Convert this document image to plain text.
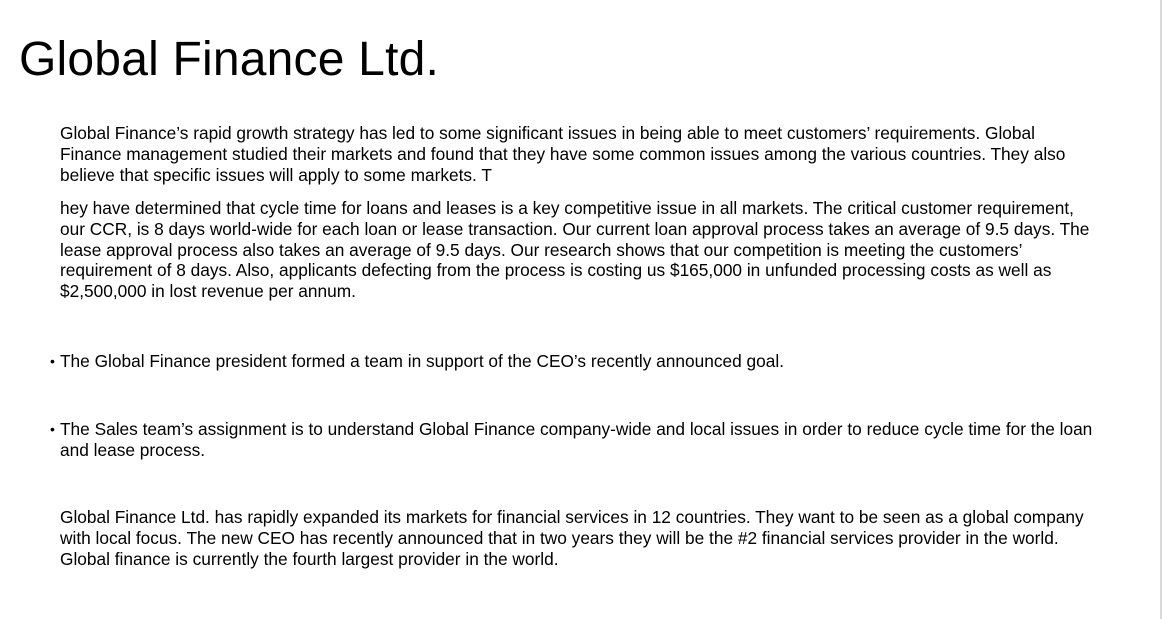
Global Finance Ltd.

Global Finance’s rapid growth strategy has led to some significant issues in being able to meet customers’ requirements. Global Finance management studied their markets and found that they have some common issues among the various countries. They also believe that specific issues will apply to some markets. T

hey have determined that cycle time for loans and leases is a key competitive issue in all markets. The critical customer requirement, our CCR, is 8 days world-wide for each loan or lease transaction. Our current loan approval process takes an average of 9.5 days. The lease approval process also takes an average of 9.5 days. Our research shows that our competition is meeting the customers’ requirement of 8 days. Also, applicants defecting from the process is costing us $165,000 in unfunded processing costs as well as $2,500,000 in lost revenue per annum.

• The Global Finance president formed a team in support of the CEO’s recently announced goal.
• The Sales team’s assignment is to understand Global Finance company-wide and local issues in order to reduce cycle time for the loan and lease process.

Global Finance Ltd. has rapidly expanded its markets for financial services in 12 countries. They want to be seen as a global company with local focus. The new CEO has recently announced that in two years they will be the #2 financial services provider in the world. Global finance is currently the fourth largest provider in the world.
